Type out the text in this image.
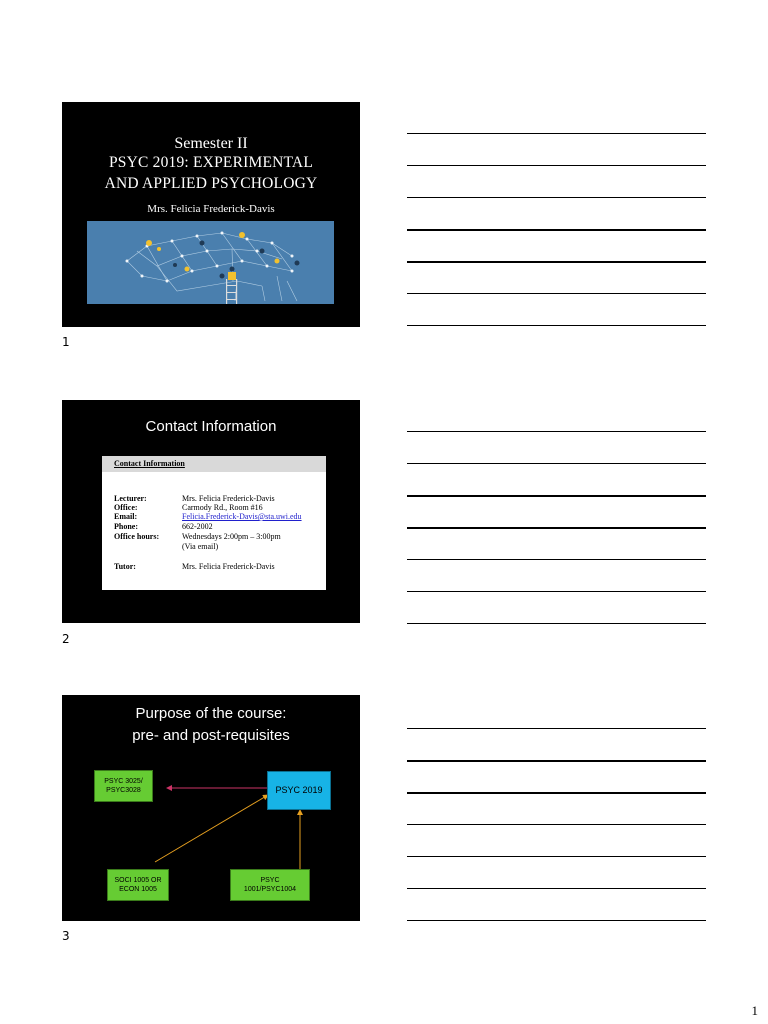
Semester II
PSYC 2019: EXPERIMENTAL
AND APPLIED PSYCHOLOGY
Mrs. Felicia Frederick-Davis
1
Contact Information
Contact Information
Lecturer:	Mrs. Felicia Frederick-Davis
Office:	Carmody Rd., Room #16
Email:	Felicia.Frederick-Davis@sta.uwi.edu
Phone:	662-2002
Office hours:	Wednesdays 2:00pm – 3:00pm
(Via email)
Tutor:	Mrs. Felicia Frederick-Davis
2
Purpose of the course:
pre- and post-requisites
PSYC 3025/
PSYC3028	PSYC 2019
SOCI 1005 OR
ECON 1005
PSYC
1001/PSYC1004
3
1
